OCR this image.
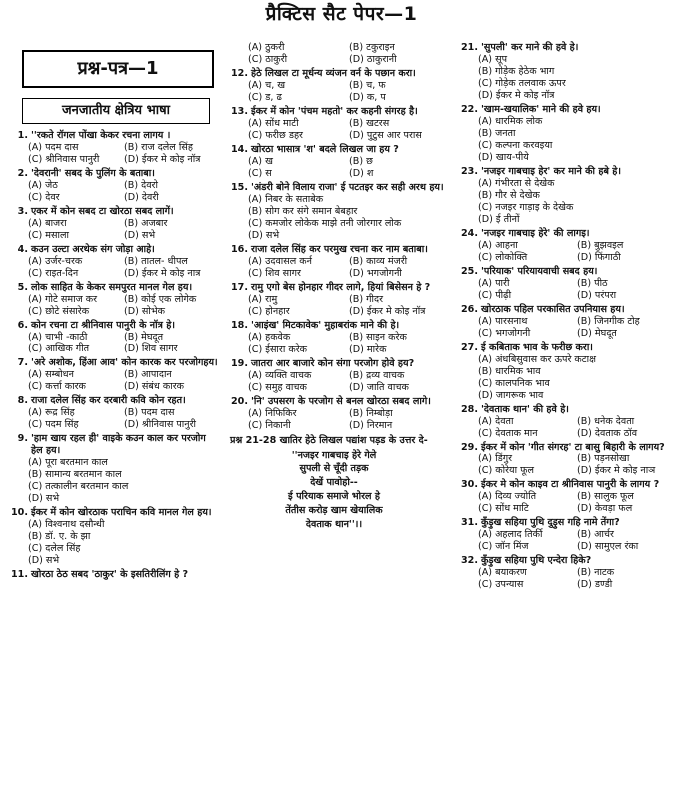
प्रैक्टिस सैट पेपर—1
प्रश्न-पत्र—1
जनजातीय क्षेत्रिय भाषा
1. ''रकते रॉगल पोंखा केकर रचना लागय ।
(A) पदम दास	(B) राज दलेल सिंह(C) श्रीनिवास पानुरी	(D) ईकर मे कोइ नॉत्र
2. 'देवरानी' सबद के पुलिंग के बताबा।
(A) जेठ	(B) देवरो(C) देवर	(D) देवरी
3. एकर में कोन सबद टा खोरठा सबद लागें।
(A) बाजरा	(B) अजबार(C) मसाला	(D) सभे
4. कउन उल्टा अरथेक संग जोड़ा आहे।
(A) उर्जर-चरक	(B) तातल- धीपल(C) राइत-दिन	(D) ईकर मे कोइ नात्र
5. लोक साहित के केकर समपुरत मानल गेल हय।
(A) गोटे समाज कर	(B) कोई एक लोगेक(C) छोटे संसारेक	(D) सोभेक
6. कोन रचना टा श्रीनिवास पानुरी के नॉत्र हे।
(A) चाभी -काठी	(B) मेघदूत(C) आखिक गीत	(D) शिव सागर
7. 'अरे अशोक, हिंआ आव' कोन कारक कर परजोगहय।
(A) सम्बोधन	(B) आपादान(C) कर्त्ता कारक	(D) संबंध कारक
8. राजा दलेल सिंह कर दरबारी कवि कोन रहत।
(A) रूद्र सिंह	(B) पदम दास(C) पदम सिंह	(D) श्रीनिवास पानुरी
9. 'हाम खाय रहल ही' वाइके कउन काल कर परजोग हेल हय।
(A) पूरा बरतमान काल
(B) सामान्य बरतमान काल
(C) तत्कालीन बरतमान काल
(D) सभे
10. ईकर में कोन खोरठाक पराचिन कवि मानल गेल हय।
(A) विश्वनाथ दसौन्धी
(B) डॉ. ए. के झा
(C) दलेल सिंह
(D) सभे
11. खोरठा ठेठ सबद 'ठाकुर' के इसतिरीलिंग हे ?
(A) ठुकरी	(B) टकुराइन(C) ठाकुरी	(D) ठाकुरानी
12. हेठे लिखल टा मूर्धन्य व्यंजन वर्न के पछान करा।
(A) च, ख	(B) च, फ(C) ड, ढ	(D) क, प
13. ईकर में कोन 'पंचम महतो' कर कहनी संगरह है।
(A) सोंध माटी	(B) खटरस(C) फरीछ डहर	(D) पुटुस आर परास
14. खोरठा भासात्र 'श' बदले लिखल जा हय ?
(A) ख	(B) छ(C) स	(D) श
15. 'अंडरी बोने विलाय राजा' ई पटतइर कर सही अरथ हय।
(A) निबर के सताबेक
(B) सोग कर संगे समान बेबहार
(C) कमजोर लोकेक माझे तनी जोरगार लोक
(D) सभे
16. राजा दलेल सिंह कर परमुख रचना कर नाम बताबा।
(A) उदवासल कर्न	(B) काव्य मंजरी(C) शिव सागर	(D) भगजोगनी
17. रामु एगो बेस होनहार गीदर लागे, हियां बिसेसन हे ?
(A) रामु	(B) गीदर(C) होनहार	(D) ईकर मे कोइ नॉत्र
18. 'आइंख' मिटकावेक' मुहाबरांक माने की हे।
(A) हकवेक	(B) साइन करेक(C) ईसारा करेक	(D) मारेक
19. जातरा आर बाजारे कोन संगा परजोग होवे हय?
(A) व्यक्ति वाचक	(B) द्रव्य वाचक(C) समुह वाचक	(D) जाति वाचक
20. 'नि' उपसरग के परजोग से बनल खोरठा सबद लागे।
(A) निफिकिर	(B) निम्बोड़ा(C) निकानी	(D) निरमान
प्रश्न 21-28 खातिर हेठे लिखल पद्यांश पड़ड के उत्तर दे-
''नजइर गाबचाइ हेरे गेले
सुपली से चूँदी तड़क
देखें पावोहो--
ई परियाक समाजे भोरल हे
तेंतीस करोड़ खाम खेयालिक
देवताक थान''।।
21. 'सुपली' कर माने की हवे हे।
(A) सूप
(B) गोड़ेक हेठेक भाग
(C) गोड़ेक तलवाक ऊपर
(D) ईकर मे कोइ नॉत्र
22. 'खाम-खयालिक' माने की हवे हय।
(A) धारमिक लोक
(B) जनता
(C) कल्पना करवइया
(D) खाय-पीये
23. 'नजइर गाबचाइ हेर' कर माने की हबे हे।
(A) गंभीरता से देखेक
(B) गौर से देखेक
(C) नजइर गाड़ाइ के देखेक
(D) ई तीनों
24. 'नजइर गाबचाइ हेरे' की लागइ।
(A) आहना	(B) बुझवइल(C) लोकोक्ति	(D) फिंगाठी
25. 'परियाक' परियायवाची सबद हय।
(A) पारी	(B) पीठ(C) पीढ़ी	(D) परंपरा
26. खोरठाक पहिल परकासित उपनियास हय।
(A) पारसनाथ	(B) जिनगीक टोह(C) भगजोगनी	(D) मेघदूत
27. ई कबिताक भाव के फरीछ करा।
(A) अंधबिसुवास कर ऊपरे कटाक्ष
(B) धारमिक भाव
(C) कालपनिक भाव
(D) जागरूक भाव
28. 'देवताक थान' की हवे हे।
(A) देवता	(B) धनेक देवता(C) देवताक मान	(D) देवताक ठॉव
29. ईकर में कोन 'गीत संगरह' टा बासु बिहारी के लागय?
(A) डिंगुर	(B) पड़नसोखा(C) कोरेया फूल	(D) ईकर मे कोइ नाञ
30. ईकर मे कोन काइव टा श्रीनिवास पानुरी के लागय ?
(A) दिव्य ज्योति	(B) सालुक फूल(C) सोंध माटि	(D) केवड़ा फल
31. कुँड़ुख सहिया पुथि दुड़ुस गहि नामे तेंगा?
(A) अहलाद तिर्की	(B) आर्चर(C) जॉन मिंज	(D) सामुएल रंका
32. कुँड़ुख सहिया पुथि एन्देरा हिके?
(A) बयाकरण	(B) नाटक(C) उपन्यास	(D) डण्डी
